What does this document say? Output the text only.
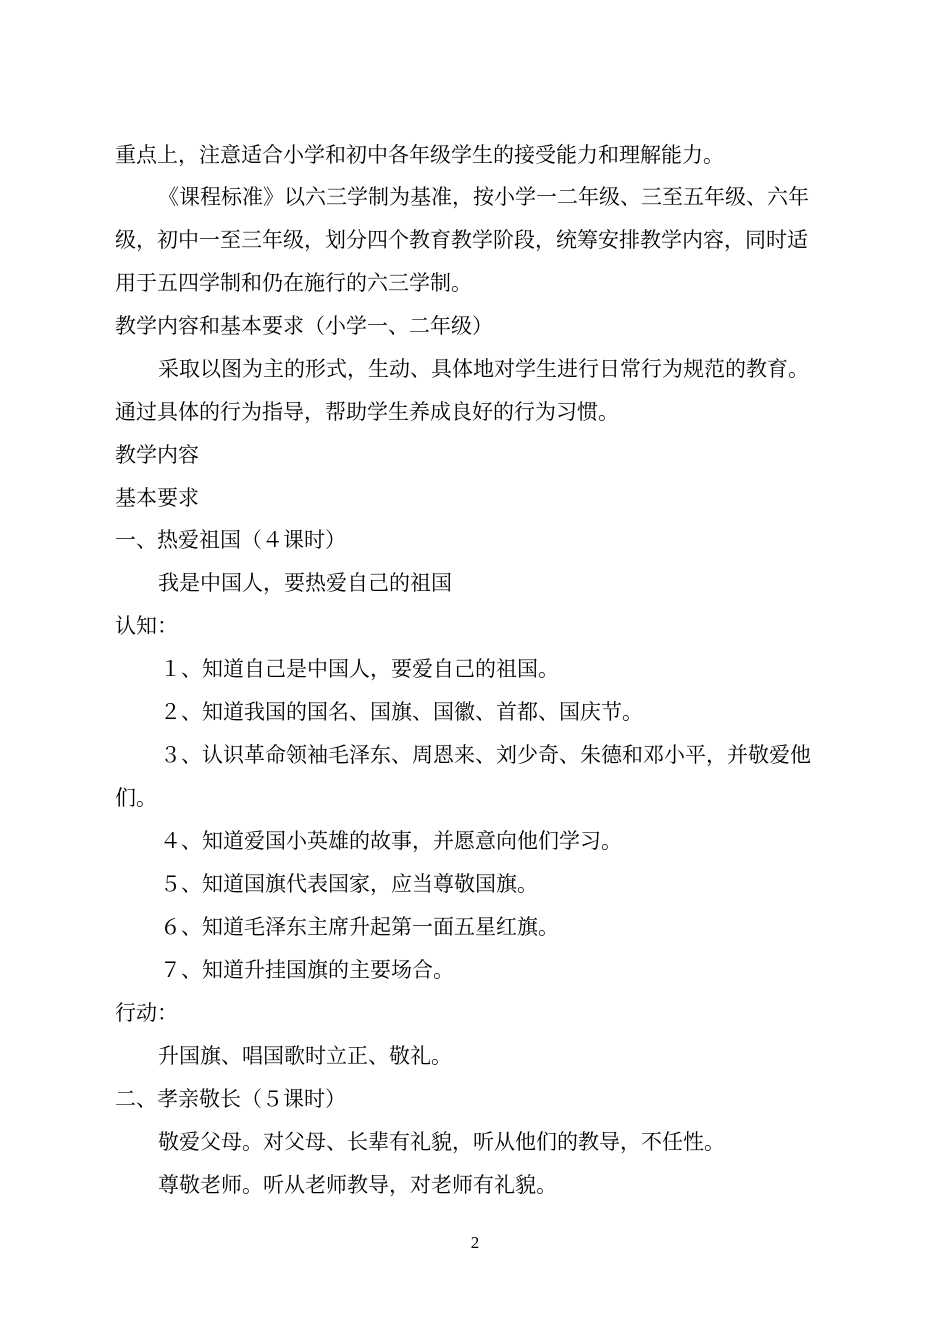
重点上，注意适合小学和初中各年级学生的接受能力和理解能力。
《课程标准》以六三学制为基准，按小学一二年级、三至五年级、六年
级，初中一至三年级，划分四个教育教学阶段，统筹安排教学内容，同时适
用于五四学制和仍在施行的六三学制。
教学内容和基本要求（小学一、二年级）
采取以图为主的形式，生动、具体地对学生进行日常行为规范的教育。
通过具体的行为指导，帮助学生养成良好的行为习惯。
教学内容
基本要求
一、热爱祖国（４课时）
我是中国人，要热爱自己的祖国
认知：
１、知道自己是中国人，要爱自己的祖国。
２、知道我国的国名、国旗、国徽、首都、国庆节。
３、认识革命领袖毛泽东、周恩来、刘少奇、朱德和邓小平，并敬爱他
们。
４、知道爱国小英雄的故事，并愿意向他们学习。
５、知道国旗代表国家，应当尊敬国旗。
６、知道毛泽东主席升起第一面五星红旗。
７、知道升挂国旗的主要场合。
行动：
升国旗、唱国歌时立正、敬礼。
二、孝亲敬长（５课时）
敬爱父母。对父母、长辈有礼貌，听从他们的教导，不任性。
尊敬老师。听从老师教导，对老师有礼貌。
2
